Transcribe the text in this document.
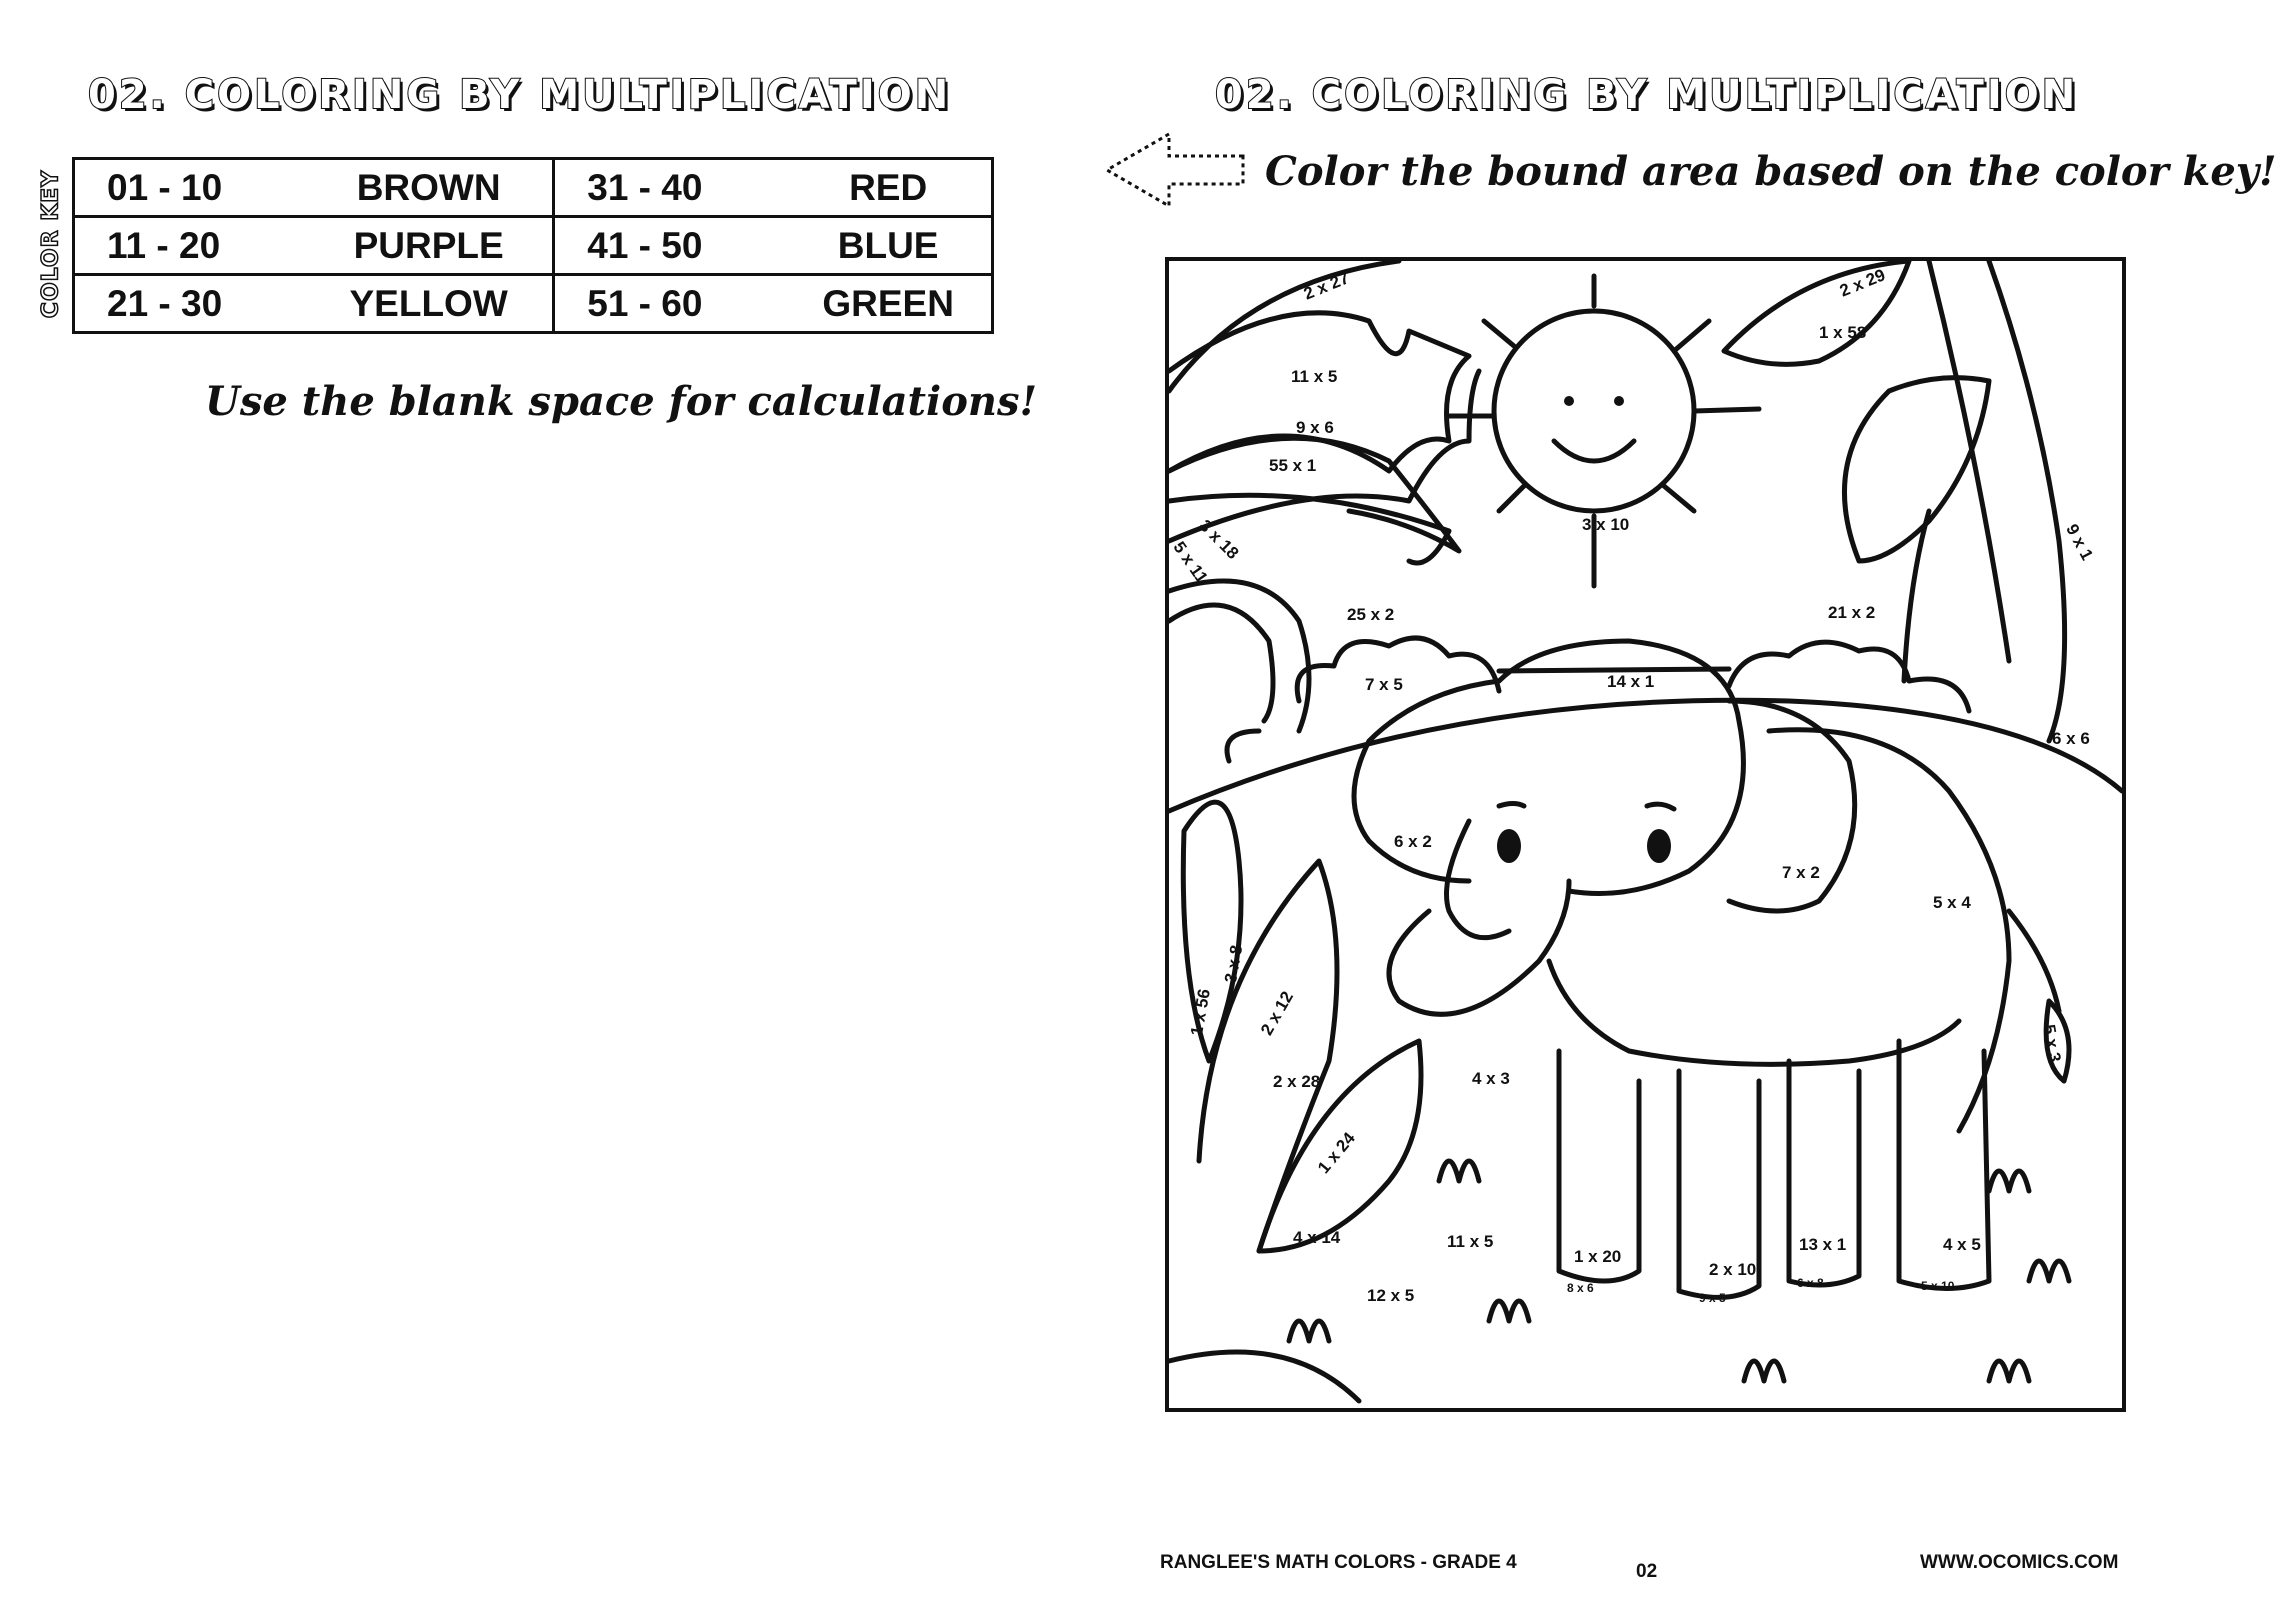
02. COLORING BY MULTIPLICATION	02. COLORING BY MULTIPLICATION
COLOR KEY 01 - 10	BROWN	31 - 40	RED
11 - 20	PURPLE	41 - 50	BLUE
21 - 30	YELLOW	51 - 60	GREEN
Use the blank space for calculations!
Color the bound area based on the color key!
2 x 27	2 x 29
11 x 5
1 x 58
9 x 6
55 x 1
3 x 18
5 x 11	9 x 1
3 x 10
25 x 2	21 x 2
14 x 1
7 x 5
6 x 6
6 x 2
7 x 2
5 x 4
3 x 8
1 x 56	2 x 12
5 x 3
2 x 28	4 x 3
1 x 24
4 x 14	11 x 5	13 x 1	4 x 5
1 x 20
2 x 10
8 x 6	6 x 8
9 x 5
5 x 10
12 x 5
RANGLEE'S MATH COLORS - GRADE 4	02	WWW.OCOMICS.COM
